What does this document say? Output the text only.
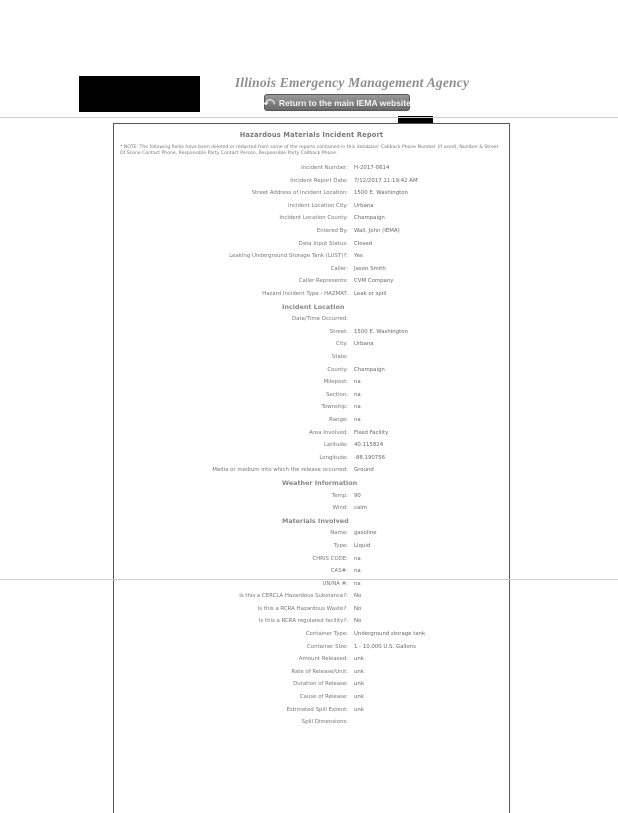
Illinois Emergency Management Agency
⤺ Return to the main IEMA website
Hazardous Materials Incident Report
* NOTE: The following fields have been deleted or redacted from some of the reports contained in this database: Callback Phone Number (if used), Number & Street Of Scene Contact Phone, Responsible Party Contact Person, Responsible Party Callback Phone.
Incident Number: H-2017-0614
Incident Report Date: 7/12/2017 11:19:42 AM
Street Address of Incident Location: 1500 E. Washington
Incident Location City: Urbana
Incident Location County: Champaign
Entered By: Wall, John (IEMA)
Data Input Status: Closed
Leaking Underground Storage Tank (LUST)?: Yes
Caller: Jason Smith
Caller Represents: CVM Company
Hazard Incident Type - HAZMAT: Leak or spill
Incident Location
Date/Time Occurred:
Street: 1500 E. Washington
City: Urbana
State:
County: Champaign
Milepost: na
Section: na
Township: na
Range: na
Area Involved: Fixed Facility
Latitude: 40.115824
Longitude: -88.190756
Media or medium into which the release occurred: Ground
Weather Information
Temp: 90
Wind: calm
Materials Involved
Name: gasoline
Type: Liquid
CHRIS CODE: na
CAS#: na
UN/NA #: na
Is this a CERCLA Hazardous Substance?: No
Is this a RCRA Hazardous Waste?: No
Is this a RCRA regulated facility?: No
Container Type: Underground storage tank
Container Size: 1 - 10,000 U.S. Gallons
Amount Released: unk
Rate of Release/Unit: unk
Duration of Release: unk
Cause of Release: unk
Estimated Spill Extent: unk
Spill Dimensions:
